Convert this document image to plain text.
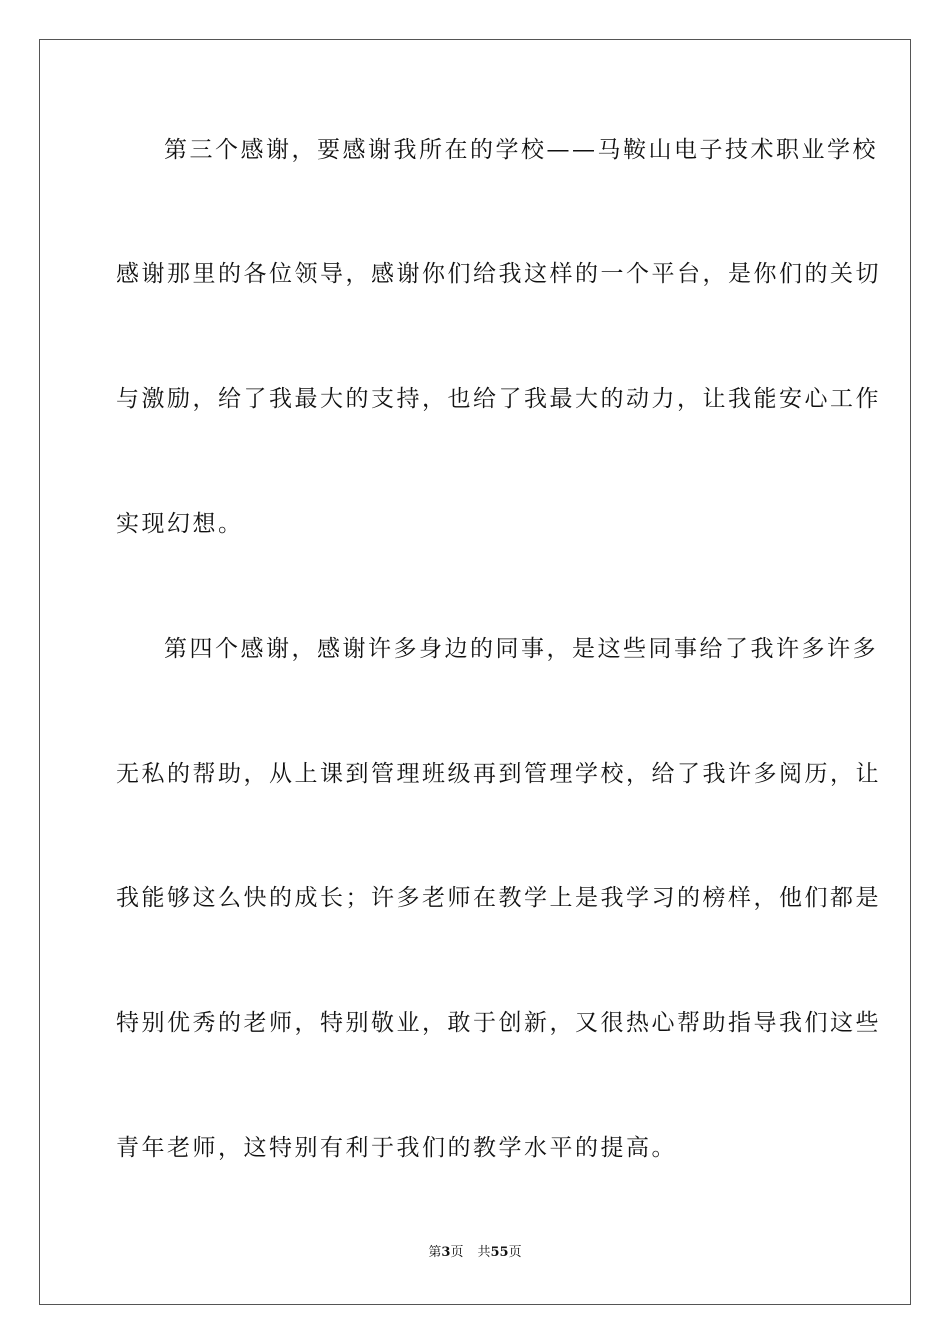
第三个感谢，要感谢我所在的学校——马鞍山电子技术职业学校
感谢那里的各位领导，感谢你们给我这样的一个平台，是你们的关切
与激励，给了我最大的支持，也给了我最大的动力，让我能安心工作
实现幻想。
第四个感谢，感谢许多身边的同事，是这些同事给了我许多许多
无私的帮助，从上课到管理班级再到管理学校，给了我许多阅历，让
我能够这么快的成长；许多老师在教学上是我学习的榜样，他们都是
特别优秀的老师，特别敬业，敢于创新，又很热心帮助指导我们这些
青年老师，这特别有利于我们的教学水平的提高。
第3页 共55页
